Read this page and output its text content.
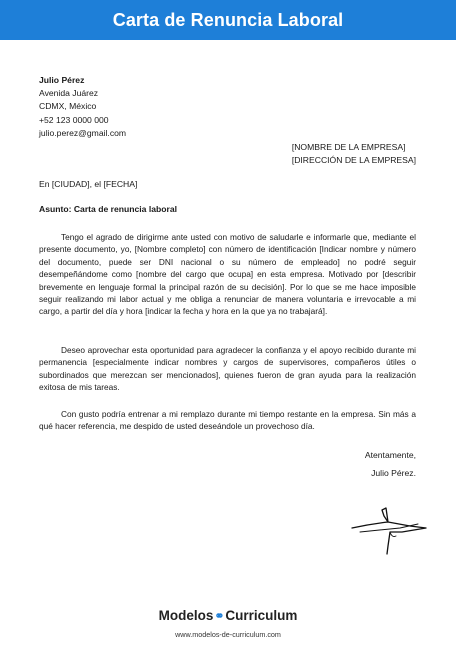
Carta de Renuncia Laboral
Julio Pérez
Avenida Juárez
CDMX, México
+52 123 0000 000
julio.perez@gmail.com
[NOMBRE DE LA EMPRESA]
[DIRECCIÓN DE LA EMPRESA]
En [CIUDAD], el [FECHA]
Asunto: Carta de renuncia laboral

Tengo el agrado de dirigirme ante usted con motivo de saludarle e informarle que, mediante el presente documento, yo, [Nombre completo] con número de identificación [Indicar nombre y número del documento, puede ser DNI nacional o su número de empleado] no podré seguir desempeñándome como [nombre del cargo que ocupa] en esta empresa. Motivado por [describir brevemente en lenguaje formal la principal razón de su decisión]. Por lo que se me hace imposible seguir realizando mi labor actual y me obliga a renunciar de manera voluntaria e irrevocable a mi cargo, a partir del día y hora [indicar la fecha y hora en la que ya no trabajará].

Deseo aprovechar esta oportunidad para agradecer la confianza y el apoyo recibido durante mi permanencia [especialmente indicar nombres y cargos de supervisores, compañeros útiles o subordinados que merezcan ser mencionados], quienes fueron de gran ayuda para la realización exitosa de mis tareas.

Con gusto podría entrenar a mi remplazo durante mi tiempo restante en la empresa. Sin más a qué hacer referencia, me despido de usted deseándole un provechoso día.

Atentamente,
Julio Pérez.
Modelos⚭Curriculum
www.modelos-de-curriculum.com
